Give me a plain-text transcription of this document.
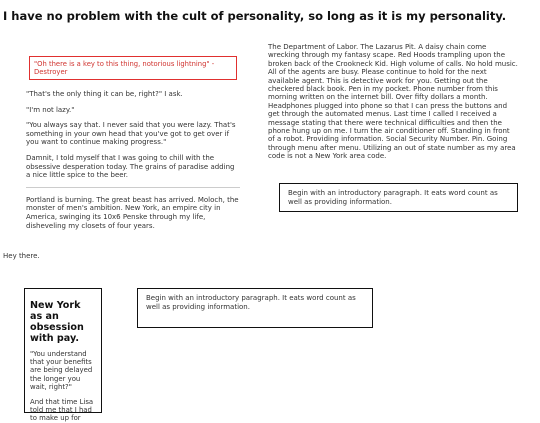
I have no problem with the cult of personality, so long as it is my personality.
"Oh there is a key to this thing, notorious lightning" - Destroyer

"That's the only thing it can be, right?" I ask.

"I'm not lazy."

"You always say that. I never said that you were lazy. That's something in your own head that you've got to get over if you want to continue making progress."

Damnit, I told myself that I was going to chill with the obsessive desperation today. The grains of paradise adding a nice little spice to the beer.

Portland is burning. The great beast has arrived. Moloch, the monster of men's ambition. New York, an empire city in America, swinging its 10x6 Penske through my life, disheveling my closets of four years.

The Department of Labor. The Lazarus Pit. A daisy chain come wrecking through my fantasy scape. Red Hoods trampling upon the broken back of the Crookneck Kid. High volume of calls. No hold music. All of the agents are busy. Please continue to hold for the next available agent. This is detective work for you. Getting out the checkered black book. Pen in my pocket. Phone number from this morning written on the internet bill. Over fifty dollars a month. Headphones plugged into phone so that I can press the buttons and get through the automated menus. Last time I called I received a message stating that there were technical difficulties and then the phone hung up on me. I turn the air conditioner off. Standing in front of a robot. Providing information. Social Security Number. Pin. Going through menu after menu. Utilizing an out of state number as my area code is not a New York area code.

Begin with an introductory paragraph. It eats word count as well as providing information.
Hey there.
New York as an obsession with pay.

"You understand that your benefits are being delayed the longer you wait, right?"

And that time Lisa told me that I had to make up for

Begin with an introductory paragraph. It eats word count as well as providing information.
